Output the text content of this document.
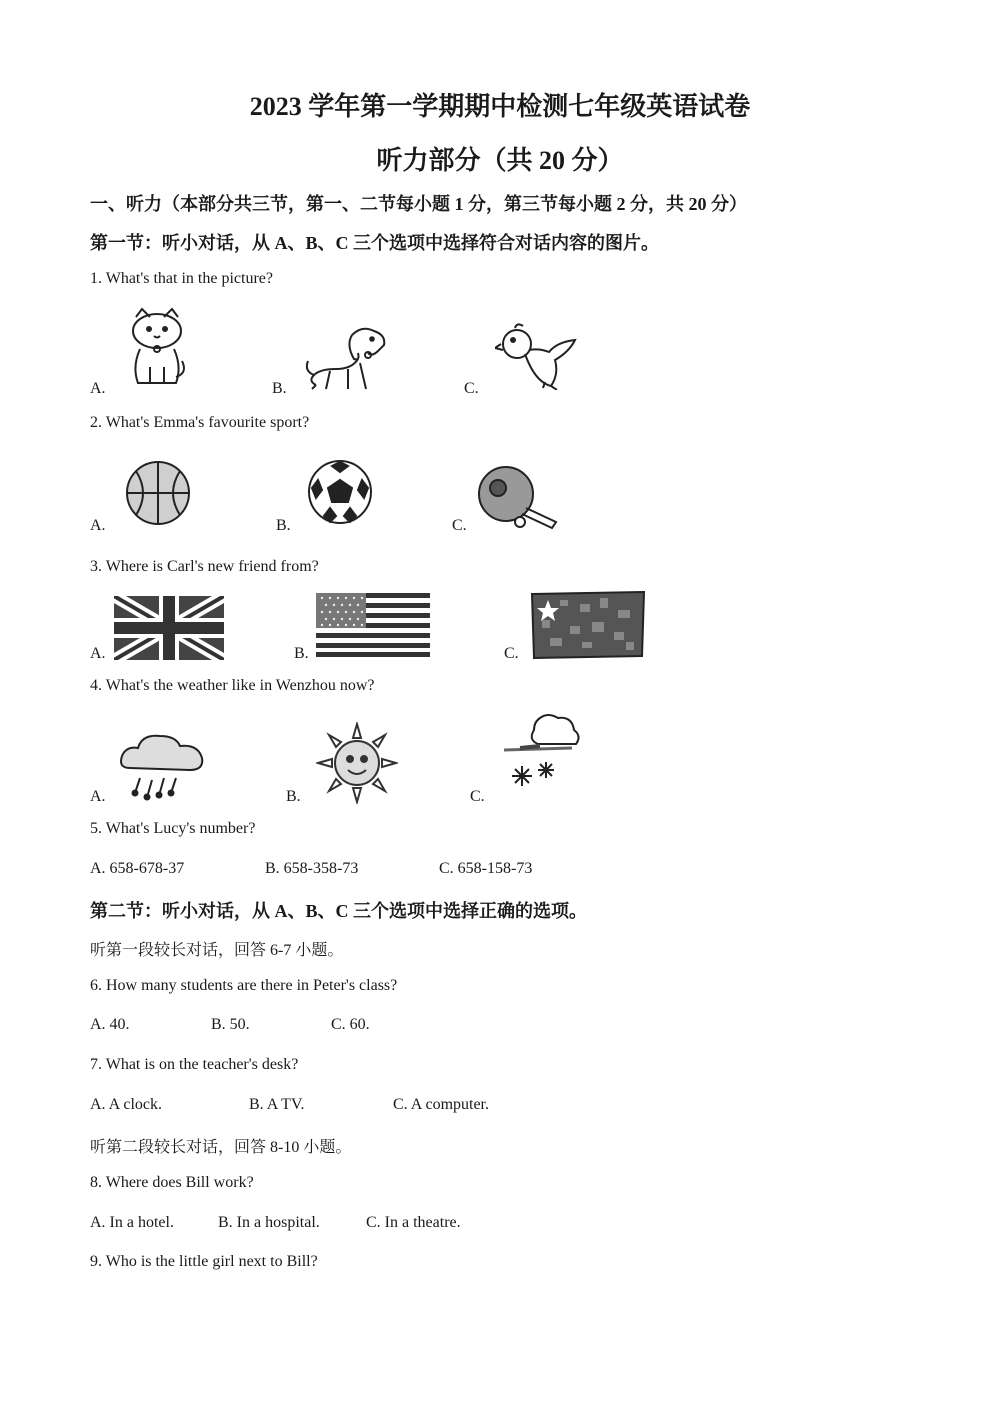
2023 学年第一学期期中检测七年级英语试卷
听力部分（共 20 分）
一、听力（本部分共三节，第一、二节每小题 1 分，第三节每小题 2 分，共 20 分）
第一节：听小对话，从 A、B、C 三个选项中选择符合对话内容的图片。
1. What's that in the picture?
A.	B.	C.
2. What's Emma's favourite sport?
A.	B.	C.
3. Where is Carl's new friend from?
A.	B.	C.
4. What's the weather like in Wenzhou now?
A.	B.	C.
5. What's Lucy's number?
A. 658-678-37	B. 658-358-73	C. 658-158-73
第二节：听小对话，从 A、B、C 三个选项中选择正确的选项。
听第一段较长对话，回答 6-7 小题。
6. How many students are there in Peter's class?
A. 40.	B. 50.	C. 60.
7. What is on the teacher's desk?
A. A clock.	B. A TV.	C. A computer.
听第二段较长对话，回答 8-10 小题。
8. Where does Bill work?
A. In a hotel.	B. In a hospital.	C. In a theatre.
9. Who is the little girl next to Bill?
